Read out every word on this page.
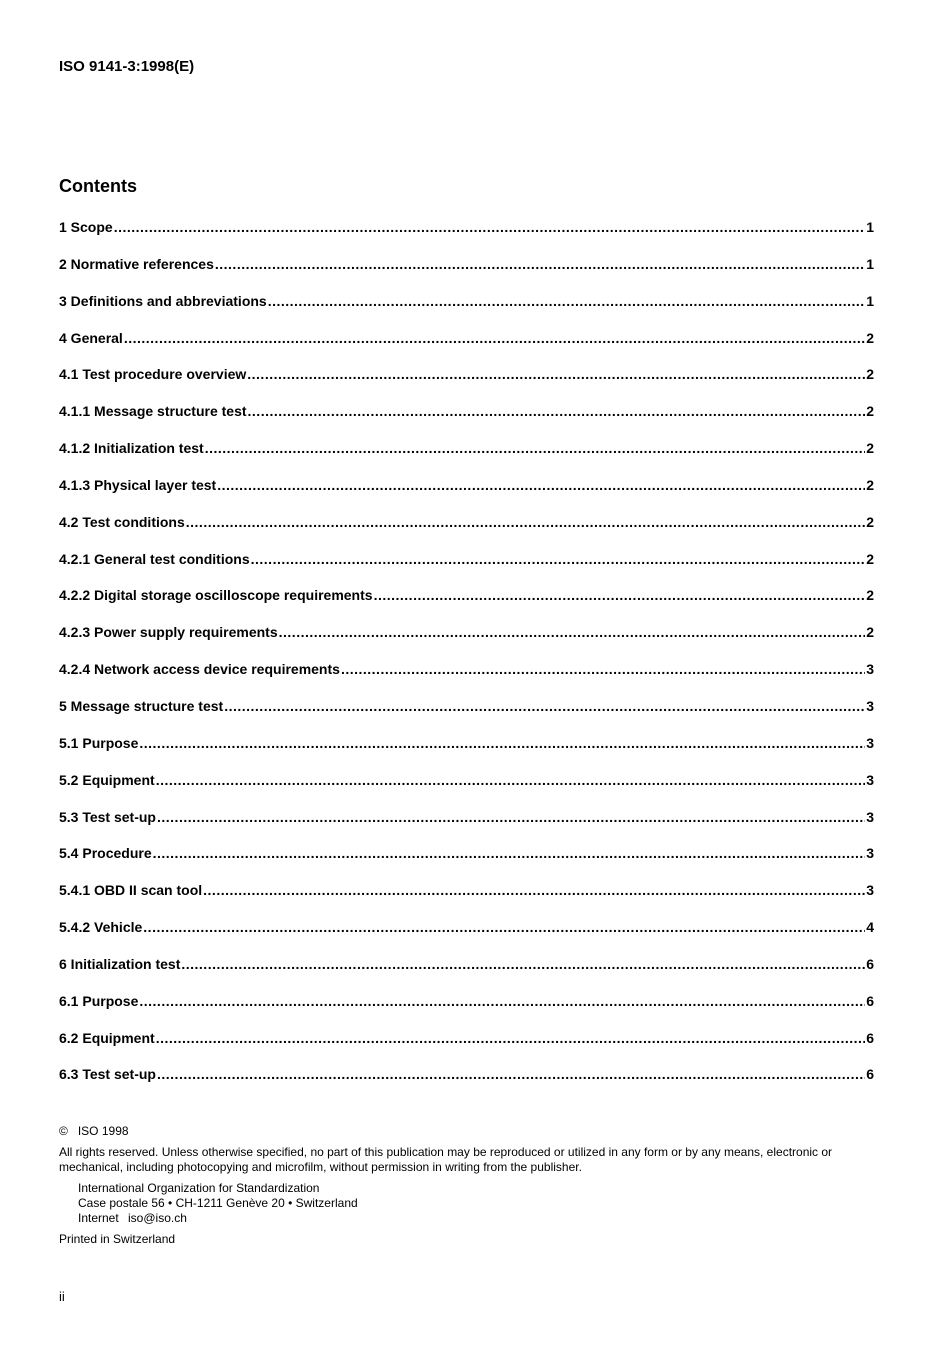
ISO 9141-3:1998(E)
Contents
1 Scope .....	1
2 Normative references .....	1
3 Definitions and abbreviations .....	1
4 General .....	2
4.1 Test procedure overview .....	2
4.1.1 Message structure test .....	2
4.1.2 Initialization test .....	2
4.1.3 Physical layer test .....	2
4.2 Test conditions .....	2
4.2.1 General test conditions .....	2
4.2.2 Digital storage oscilloscope requirements .....	2
4.2.3 Power supply requirements .....	2
4.2.4 Network access device requirements .....	3
5 Message structure test .....	3
5.1 Purpose .....	3
5.2 Equipment .....	3
5.3 Test set-up .....	3
5.4 Procedure .....	3
5.4.1 OBD II scan tool .....	3
5.4.2 Vehicle .....	4
6 Initialization test .....	6
6.1 Purpose .....	6
6.2 Equipment .....	6
6.3 Test set-up .....	6
© ISO 1998
All rights reserved. Unless otherwise specified, no part of this publication may be reproduced or utilized in any form or by any means, electronic or mechanical, including photocopying and microfilm, without permission in writing from the publisher.
International Organization for Standardization
Case postale 56 • CH-1211 Genève 20 • Switzerland
Internet iso@iso.ch
Printed in Switzerland
ii
